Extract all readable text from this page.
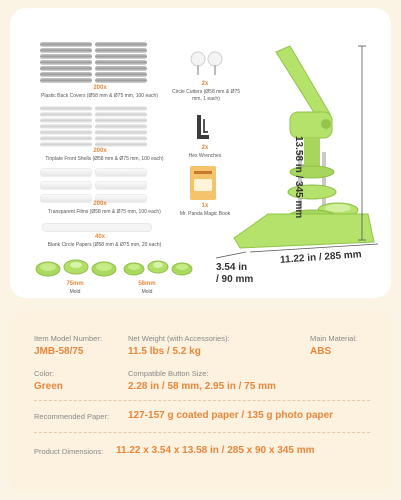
200x
Plastic Back Covers (Ø58 mm & Ø75 mm, 100 each)
2x
Circle Cutters (Ø58 mm & Ø75 mm, 1 each)
200x
Tinplate Front Shells (Ø58 mm & Ø75 mm, 100 each)
2x
Hex Wrenches
200x
Transparent Films (Ø58 mm & Ø75 mm, 100 each)
1x
Mr. Panda Magic Book
40x
Blank Circle Papers (Ø58 mm & Ø75 mm, 20 each)
75mm
Mold
58mm
Mold
13.58 in / 345 mm
11.22 in / 285 mm
3.54 in
/ 90 mm
Item Model Number:
JMB-58/75
Net Weight (with Accessories):
11.5 lbs / 5.2 kg
Main Material:
ABS
Color:
Green
Compatible Button Size:
2.28 in / 58 mm, 2.95 in / 75 mm
Recommended Paper: 127-157 g coated paper / 135 g photo paper
Product Dimensions: 11.22 x 3.54 x 13.58 in / 285 x 90 x 345 mm
